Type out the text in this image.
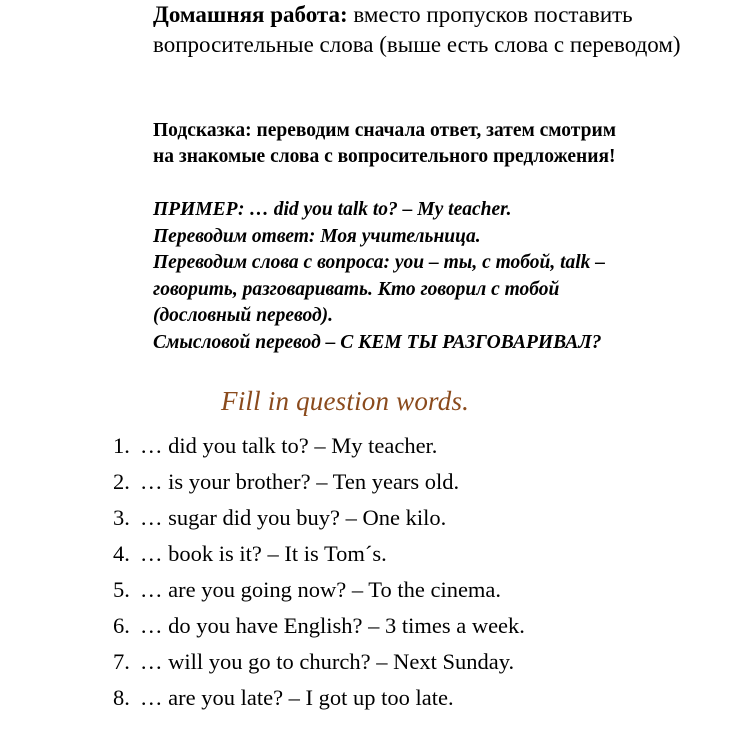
Домашняя работа: вместо пропусков поставить вопросительные слова (выше есть слова с переводом)
Подсказка: переводим сначала ответ, затем смотрим
на знакомые слова с вопросительного предложения!
ПРИМЕР: … did you talk to? – My teacher.
Переводим ответ: Моя учительница.
Переводим слова с вопроса: you – ты, с тобой, talk –
говорить, разговаривать. Кто говорил с тобой
(дословный перевод).
Смысловой перевод – С КЕМ ТЫ РАЗГОВАРИВАЛ?
Fill in question words.
1. … did you talk to? – My teacher.
2. … is your brother? – Ten years old.
3. … sugar did you buy? – One kilo.
4. … book is it? – It is Tom´s.
5. … are you going now? – To the cinema.
6. … do you have English? – 3 times a week.
7. … will you go to church? – Next Sunday.
8. … are you late? – I got up too late.
